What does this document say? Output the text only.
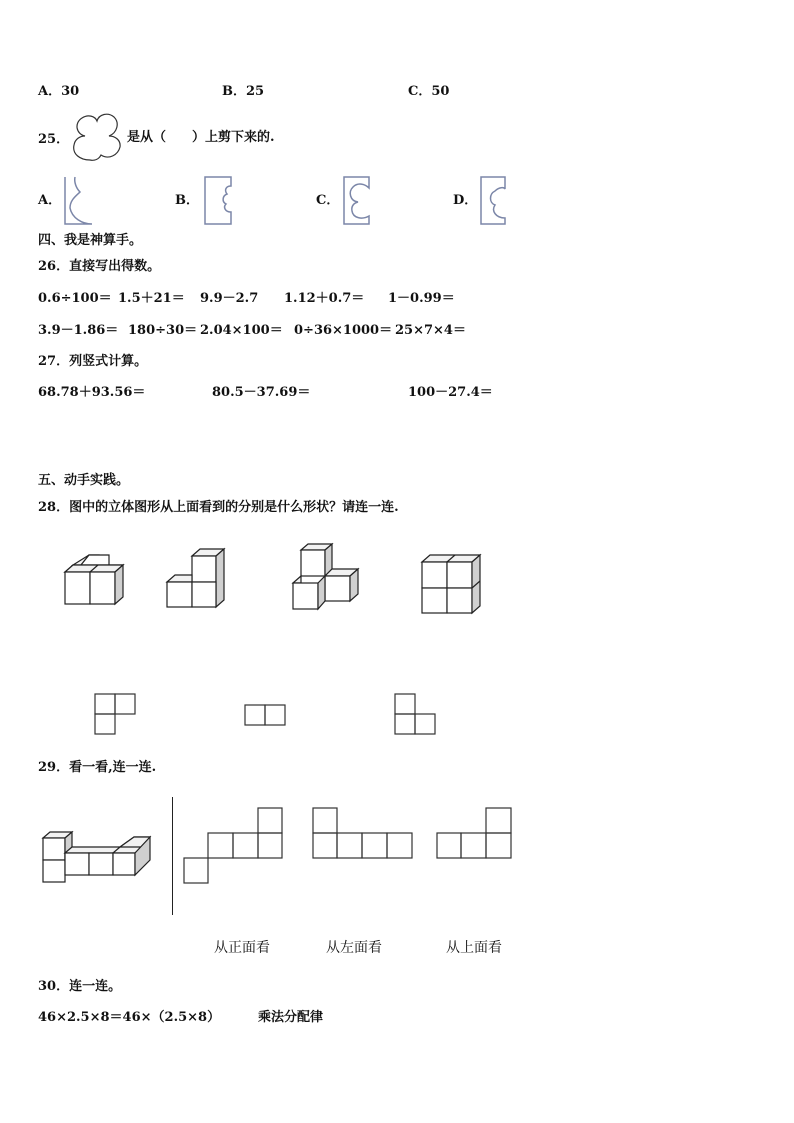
A．30	B．25	C．50
25．	是从（　　）上剪下来的.
A．	B．	C．	D．
四、我是神算手。
26．直接写出得数。
0.6÷100＝ 1.5＋21＝ 9.9－2.7 1.12＋0.7＝ 1－0.99＝
3.9－1.86＝ 180÷30＝ 2.04×100＝ 0÷36×1000＝ 25×7×4＝
27．列竖式计算。
68.78＋93.56＝	80.5－37.69＝	100－27.4＝
五、动手实践。
28．图中的立体图形从上面看到的分别是什么形状？请连一连.
29．看一看,连一连.
从正面看	从左面看	从上面看
30．连一连。
46×2.5×8＝46×（2.5×8）	乘法分配律
